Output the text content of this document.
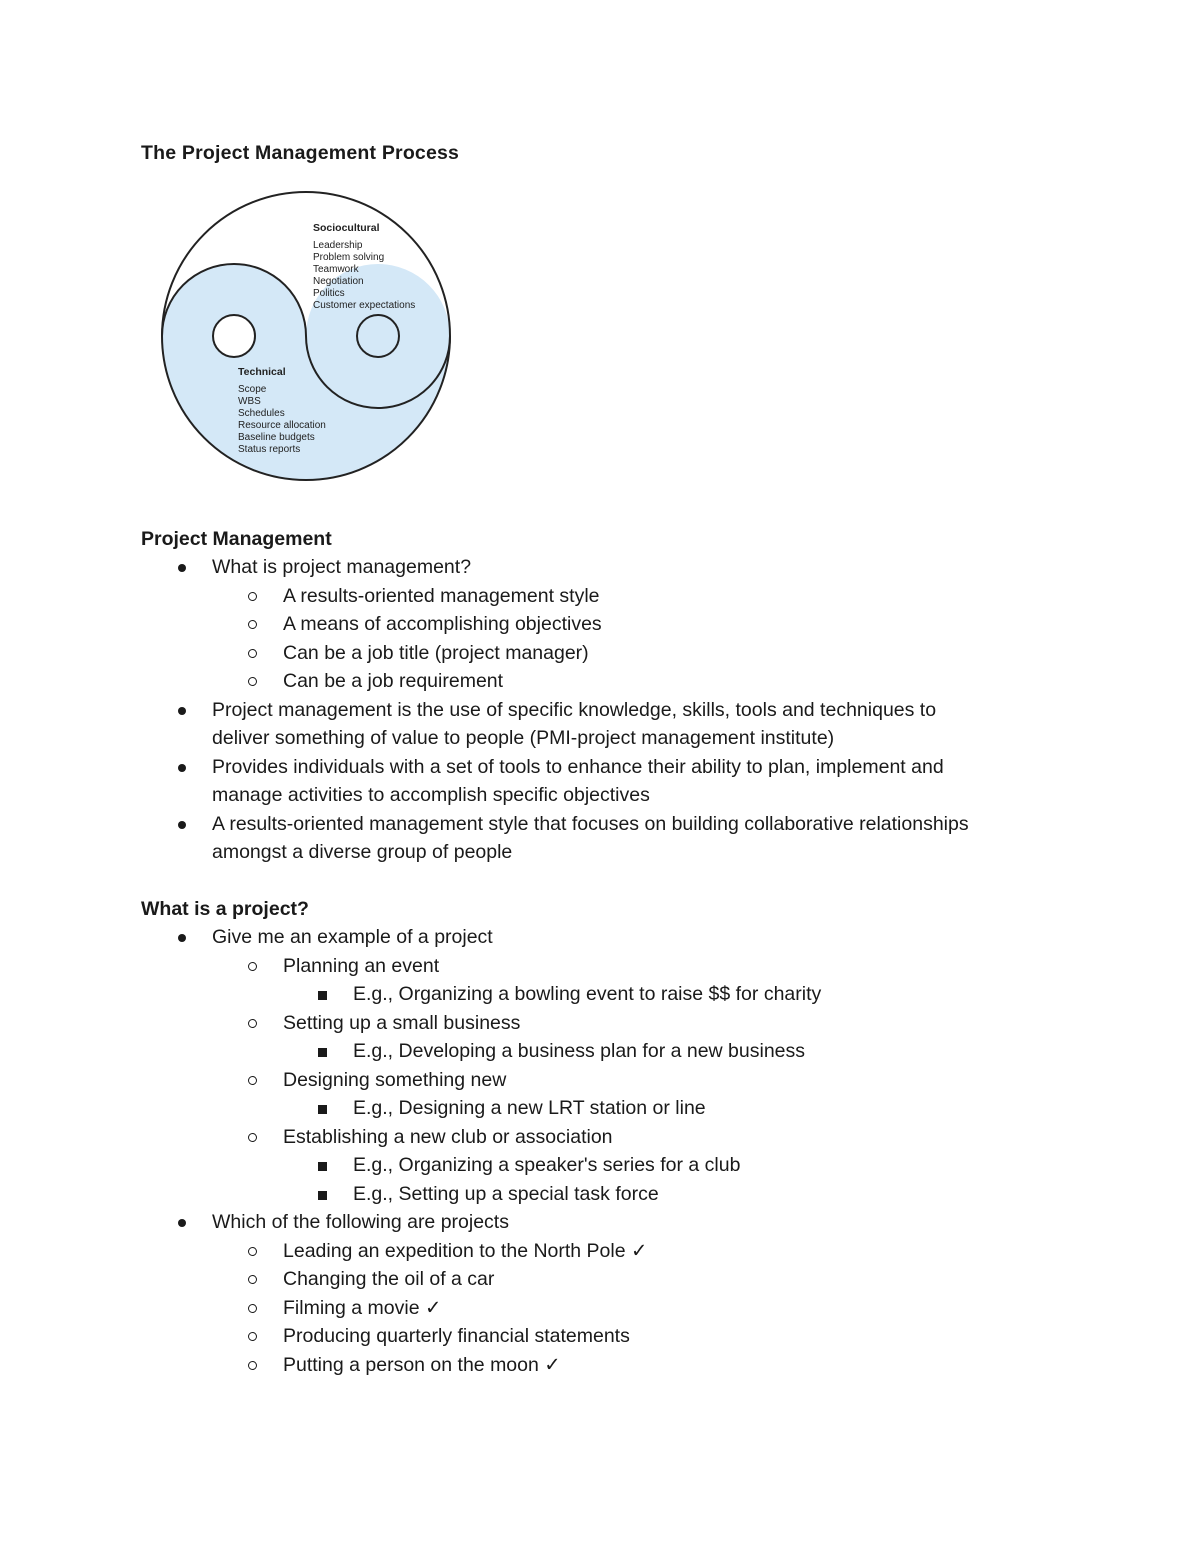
The Project Management Process
Sociocultural
Leadership
Problem solving
Teamwork
Negotiation
Politics
Customer expectations
Technical
Scope
WBS
Schedules
Resource allocation
Baseline budgets
Status reports
Project Management
What is project management?
A results-oriented management style
A means of accomplishing objectives
Can be a job title (project manager)
Can be a job requirement
Project management is the use of specific knowledge, skills, tools and techniques to
deliver something of value to people (PMI-project management institute)
Provides individuals with a set of tools to enhance their ability to plan, implement and
manage activities to accomplish specific objectives
A results-oriented management style that focuses on building collaborative relationships
amongst a diverse group of people
What is a project?
Give me an example of a project
Planning an event
E.g., Organizing a bowling event to raise $$ for charity
Setting up a small business
E.g., Developing a business plan for a new business
Designing something new
E.g., Designing a new LRT station or line
Establishing a new club or association
E.g., Organizing a speaker's series for a club
E.g., Setting up a special task force
Which of the following are projects
Leading an expedition to the North Pole ✓
Changing the oil of a car
Filming a movie ✓
Producing quarterly financial statements
Putting a person on the moon ✓
